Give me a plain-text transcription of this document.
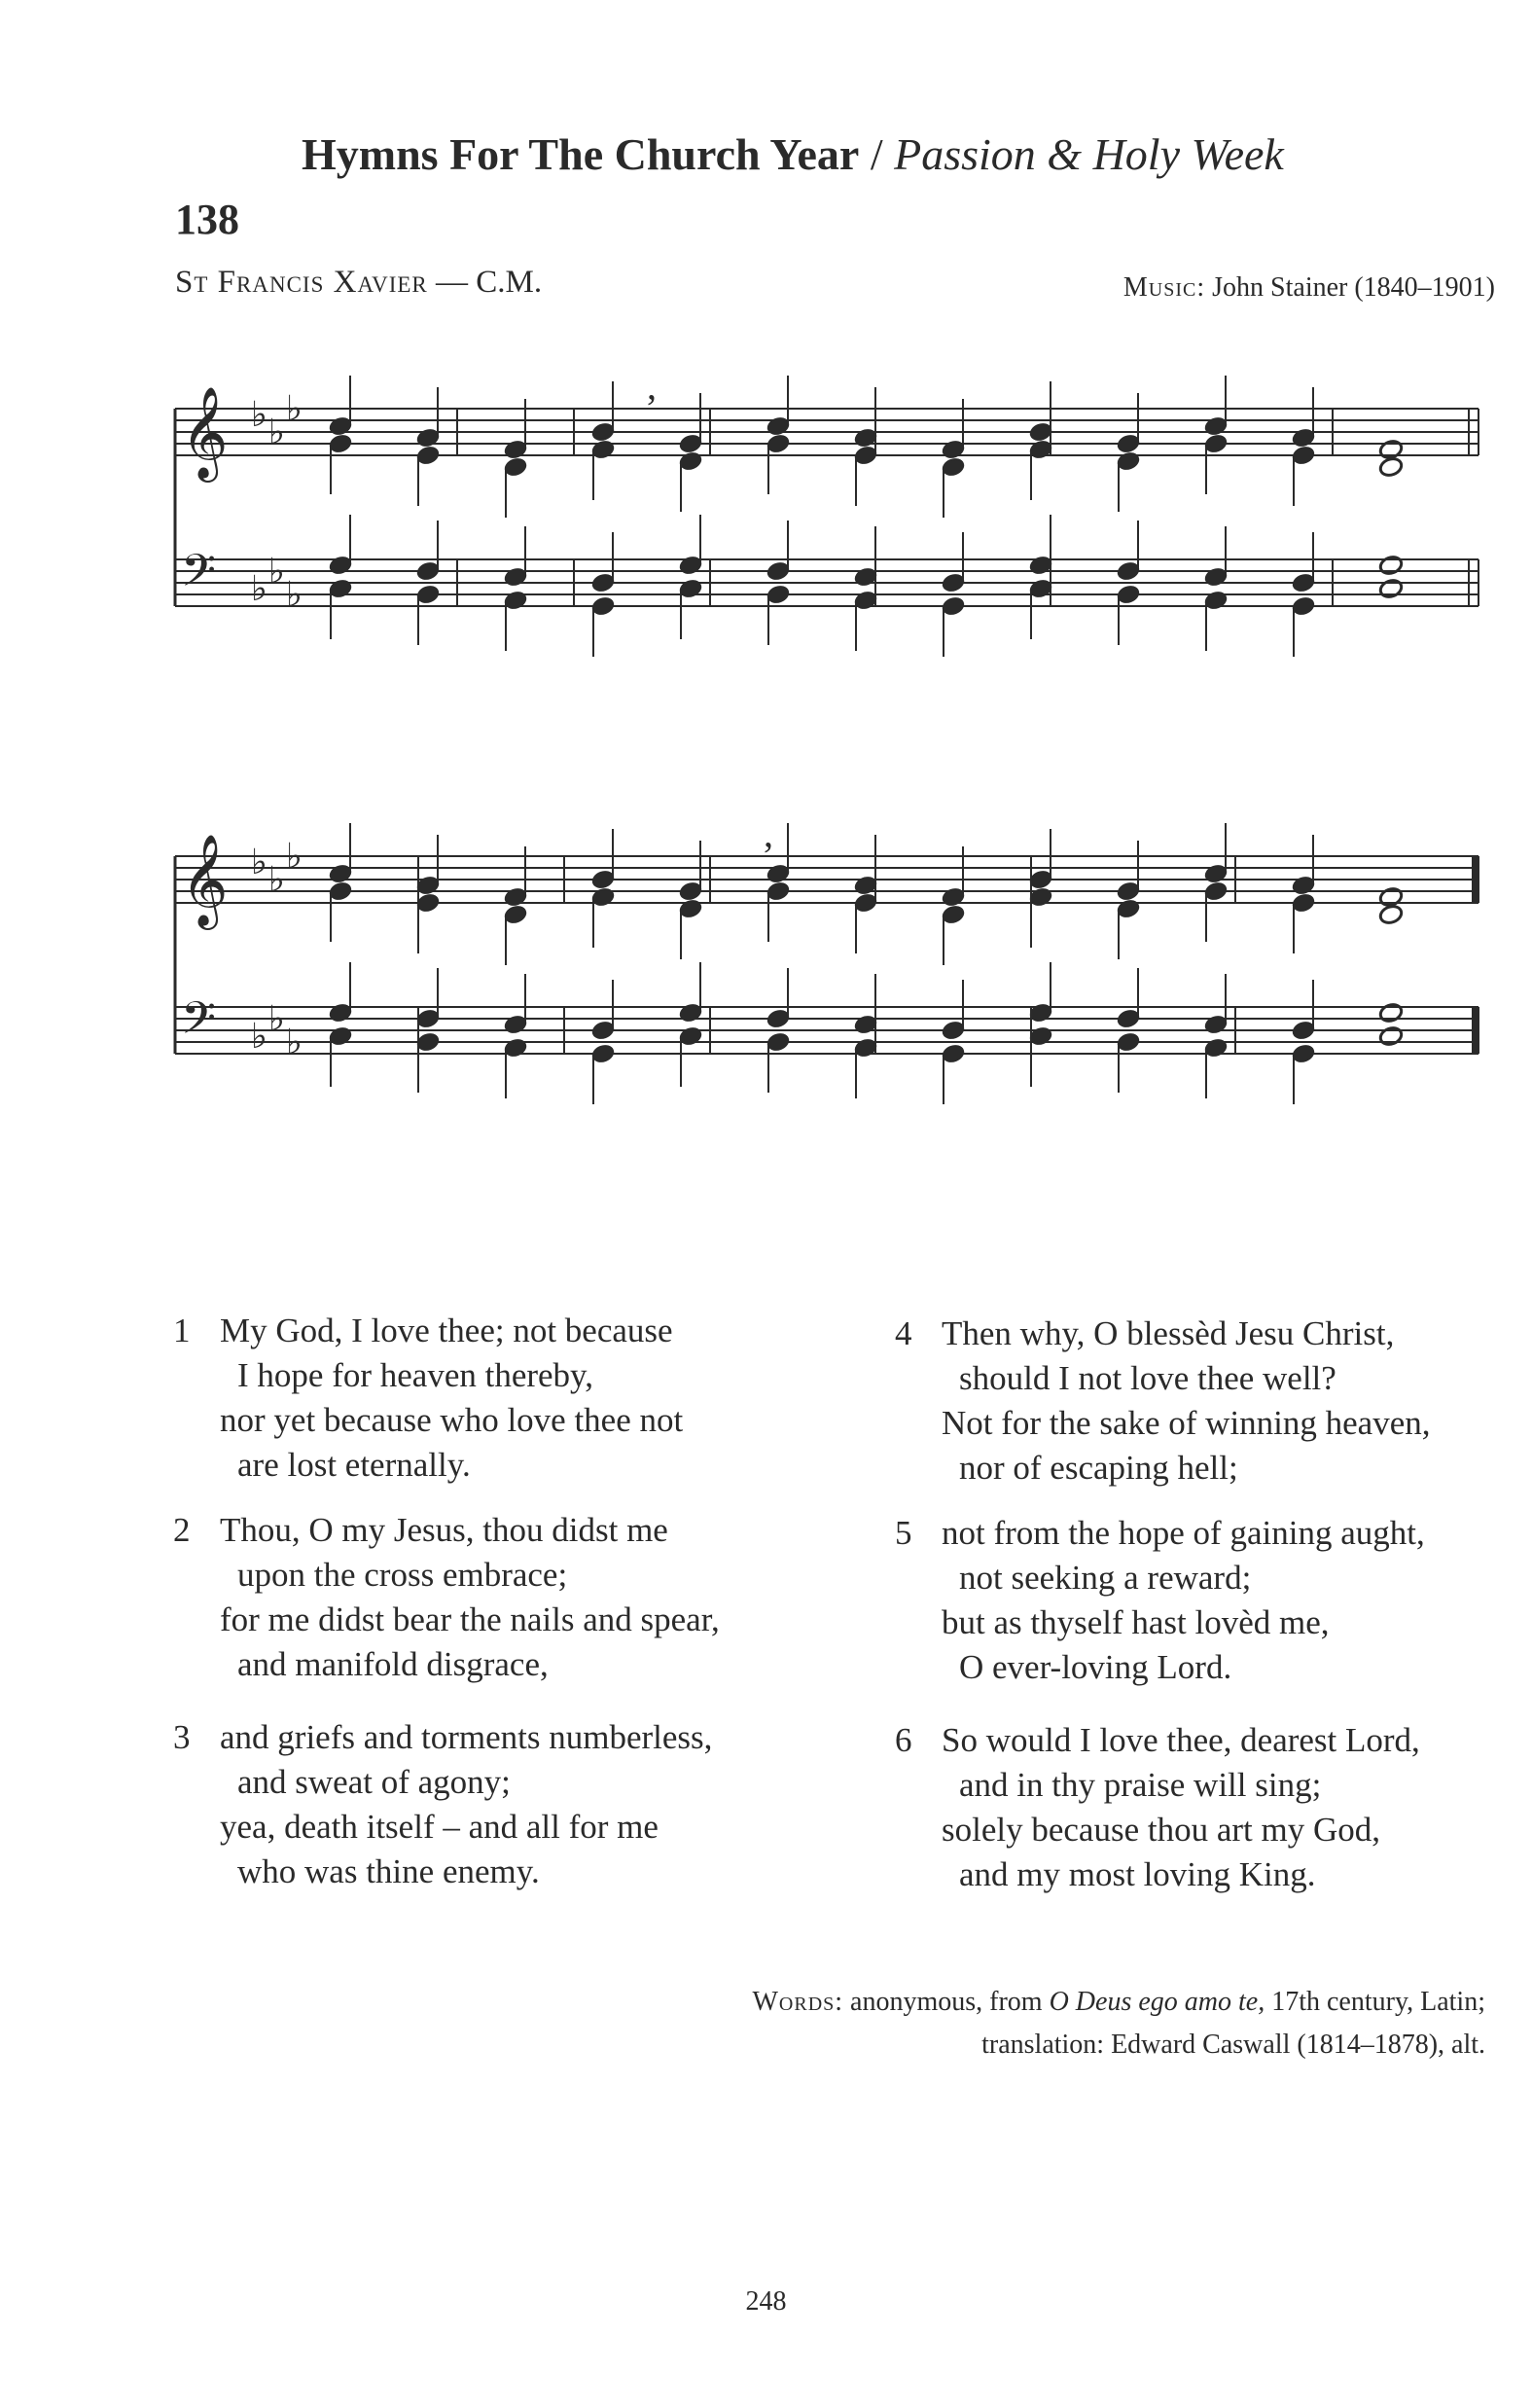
Hymns For The Church Year / Passion & Holy Week
138
St Francis Xavier — C.M.	Music: John Stainer (1840–1901)
𝄞 ♭ ♭
♭
𝄢 ♭ ♭
♭
𝄞 ♭ ♭
♭
𝄢 ♭ ♭
♭
,
,
1 My God, I love thee; not because
I hope for heaven thereby,
nor yet because who love thee not
are lost eternally.
2 Thou, O my Jesus, thou didst me
upon the cross embrace;
for me didst bear the nails and spear,
and manifold disgrace,
3 and griefs and torments numberless,
and sweat of agony;
yea, death itself – and all for me
who was thine enemy.
4 Then why, O blessèd Jesu Christ,
should I not love thee well?
Not for the sake of winning heaven,
nor of escaping hell;
5 not from the hope of gaining aught,
not seeking a reward;
but as thyself hast lovèd me,
O ever-loving Lord.
6 So would I love thee, dearest Lord,
and in thy praise will sing;
solely because thou art my God,
and my most loving King.
Words: anonymous, from O Deus ego amo te, 17th century, Latin;
translation: Edward Caswall (1814–1878), alt.
248
